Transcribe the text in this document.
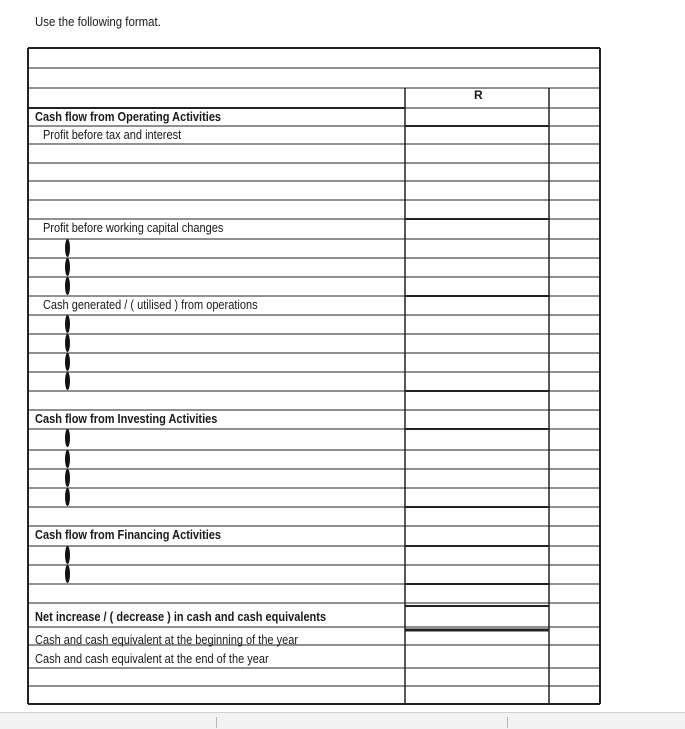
Use the following format.
R
Cash flow from Operating Activities
Profit before tax and interest
Profit before working capital changes
Cash generated / ( utilised ) from operations
Cash flow from Investing Activities
Cash flow from Financing Activities
Net increase / ( decrease ) in cash and cash equivalents
Cash and cash equivalent at the beginning of the year
Cash and cash equivalent at the end of the year
